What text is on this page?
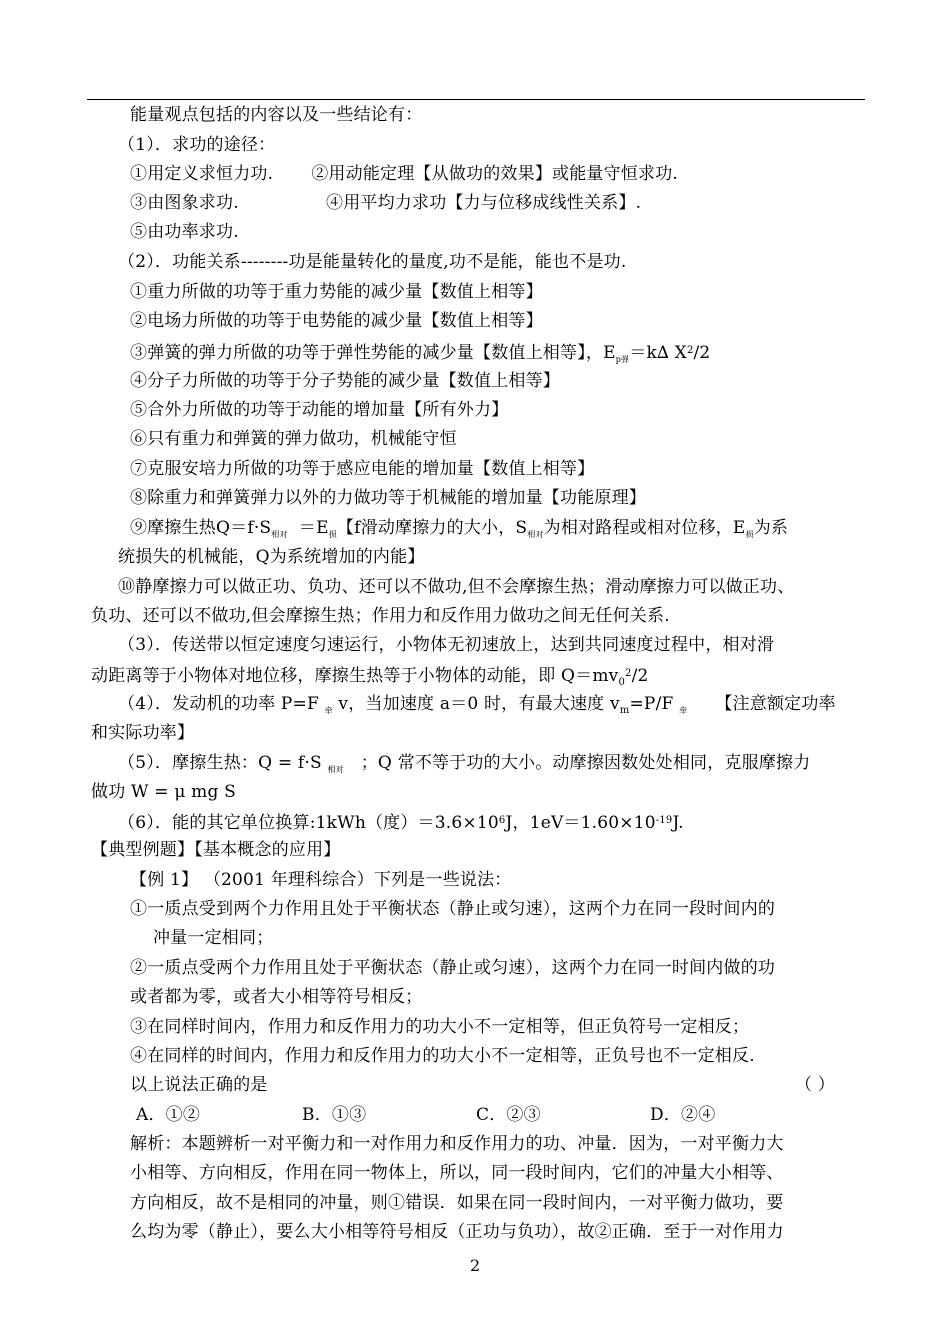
能量观点包括的内容以及一些结论有：
（1）．求功的途径：
①用定义求恒力功. ②用动能定理【从做功的效果】或能量守恒求功.
③由图象求功.	④用平均力求功【力与位移成线性关系】.
⑤由功率求功.
（2）．功能关系--------功是能量转化的量度,功不是能，能也不是功.
①重力所做的功等于重力势能的减少量【数值上相等】
②电场力所做的功等于电势能的减少量【数值上相等】
③弹簧的弹力所做的功等于弹性势能的减少量【数值上相等】，$E_{p弹}=k\Delta$ $X^2/2$
④分子力所做的功等于分子势能的减少量【数值上相等】
⑤合外力所做的功等于动能的增加量【所有外力】
⑥只有重力和弹簧的弹力做功，机械能守恒
⑦克服安培力所做的功等于感应电能的增加量【数值上相等】
⑧除重力和弹簧弹力以外的力做功等于机械能的增加量【功能原理】
⑨摩擦生热$Q=f\cdot S_{相对} =E_损$【f滑动摩擦力的大小，$S_{相对}$为相对路程或相对位移，$E_损$为系
统损失的机械能，Q为系统增加的内能】
⑩静摩擦力可以做正功、负功、还可以不做功,但不会摩擦生热；滑动摩擦力可以做正功、
负功、还可以不做功,但会摩擦生热；作用力和反作用力做功之间无任何关系.
（3）．传送带以恒定速度匀速运行，小物体无初速放上，达到共同速度过程中，相对滑
动距离等于小物体对地位移，摩擦生热等于小物体的动能，即 $Q=mv_0^2/2$
（4）．发动机的功率 P=F $_牵$ v，当加速度 a＝0 时，有最大速度 $v_m=P/F$ $_牵$ 【注意额定功率
和实际功率】
（5）．摩擦生热：Q = f·S $_{相对}$ ；Q 常不等于功的大小。动摩擦因数处处相同，克服摩擦力
做功 W = μ mg S
（6）．能的其它单位换算:1kWh（度）$=3.6\times 10^6J$，$1eV=1.60\times 10^{-19}J$.
【典型例题】【基本概念的应用】
【例 1】 （2001 年理科综合）下列是一些说法：
①一质点受到两个力作用且处于平衡状态（静止或匀速），这两个力在同一段时间内的
冲量一定相同；
②一质点受两个力作用且处于平衡状态（静止或匀速），这两个力在同一时间内做的功
或者都为零，或者大小相等符号相反；
③在同样时间内，作用力和反作用力的功大小不一定相等，但正负符号一定相反；
④在同样的时间内，作用力和反作用力的功大小不一定相等，正负号也不一定相反.
以上说法正确的是	（ ）
A．①②	B．①③	C．②③	D．②④
解析：本题辨析一对平衡力和一对作用力和反作用力的功、冲量．因为，一对平衡力大
小相等、方向相反，作用在同一物体上，所以，同一段时间内，它们的冲量大小相等、
方向相反，故不是相同的冲量，则①错误．如果在同一段时间内，一对平衡力做功，要
么均为零（静止），要么大小相等符号相反（正功与负功），故②正确．至于一对作用力
2
